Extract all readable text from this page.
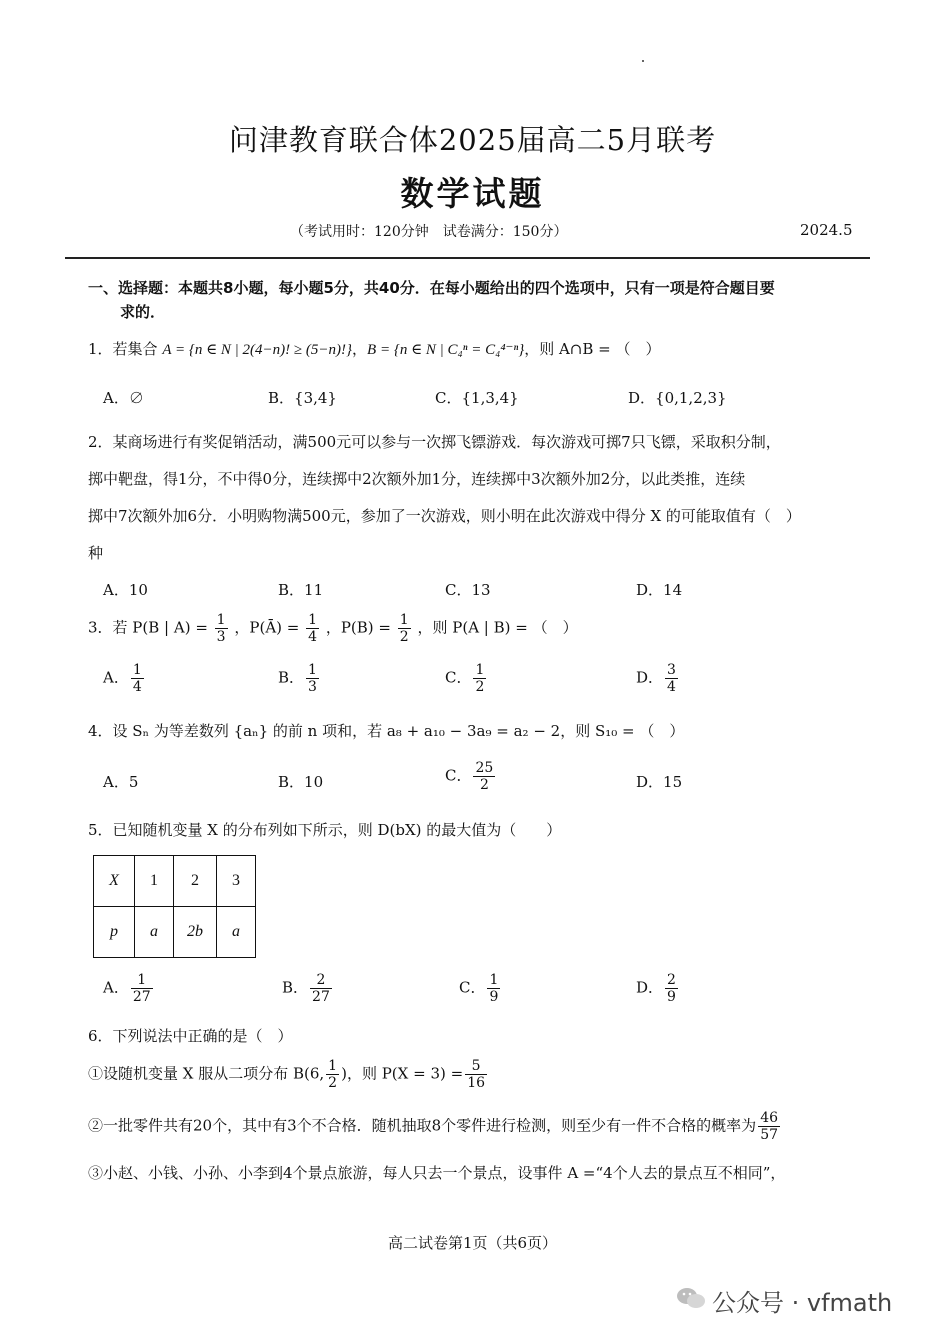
问津教育联合体2025届高二5月联考
数学试题
（考试用时：120分钟　试卷满分：150分）	2024.5
一、选择题：本题共8小题，每小题5分，共40分．在每小题给出的四个选项中，只有一项是符合题目要
求的．
1．若集合 A = {n ∈ N | 2(4−n)! ≥ (5−n)!}，B = {n ∈ N | C₄ⁿ = C₄⁴⁻ⁿ}，则 A∩B = （　）
A．∅	B．{3,4}	C．{1,3,4}	D．{0,1,2,3}
2．某商场进行有奖促销活动，满500元可以参与一次掷飞镖游戏．每次游戏可掷7只飞镖，采取积分制，
掷中靶盘，得1分，不中得0分，连续掷中2次额外加1分，连续掷中3次额外加2分，以此类推，连续
掷中7次额外加6分．小明购物满500元，参加了一次游戏，则小明在此次游戏中得分 X 的可能取值有（　）
种
A．10	B．11	C．13	D．14
3．若 P(B | $A) = \frac{1}{3}$ ，P(Ā) = $\frac{1}{4}$ ，$P(B) = \frac{1}{2}$ ，则 P(A | B) = （　）
A． $\frac{1}{4}$	B． $\frac{1}{3}$	C． $\frac{1}{2}$	D． $\frac{3}{4}$
4．设 Sₙ 为等差数列 {aₙ} 的前 n 项和，若 a₈ + a₁₀ − 3a₉ = a₂ − 2，则 S₁₀ = （　）
A．5	B．10	C． $\frac{25}{2}$	D．15
5．已知随机变量 X 的分布列如下所示，则 D(bX) 的最大值为（　　）
X	1	2	3
p	a	2b	a
A． $\frac{1}{27}$	B． $\frac{2}{27}$	C． $\frac{1}{9}$	D． $\frac{2}{9}$
6．下列说法中正确的是（　）
①设随机变量 X 服从二项分布 B(6, $\frac{1}{2}$ )，则 $P(X = 3) = \frac{5}{16}$
②一批零件共有20个，其中有3个不合格．随机抽取8个零件进行检测，则至少有一件不合格的概率为 $\frac{46}{57}$
③小赵、小钱、小孙、小李到4个景点旅游，每人只去一个景点，设事件 A =“4个人去的景点互不相同”，
高二试卷第1页（共6页）
公众号 · vfmath
